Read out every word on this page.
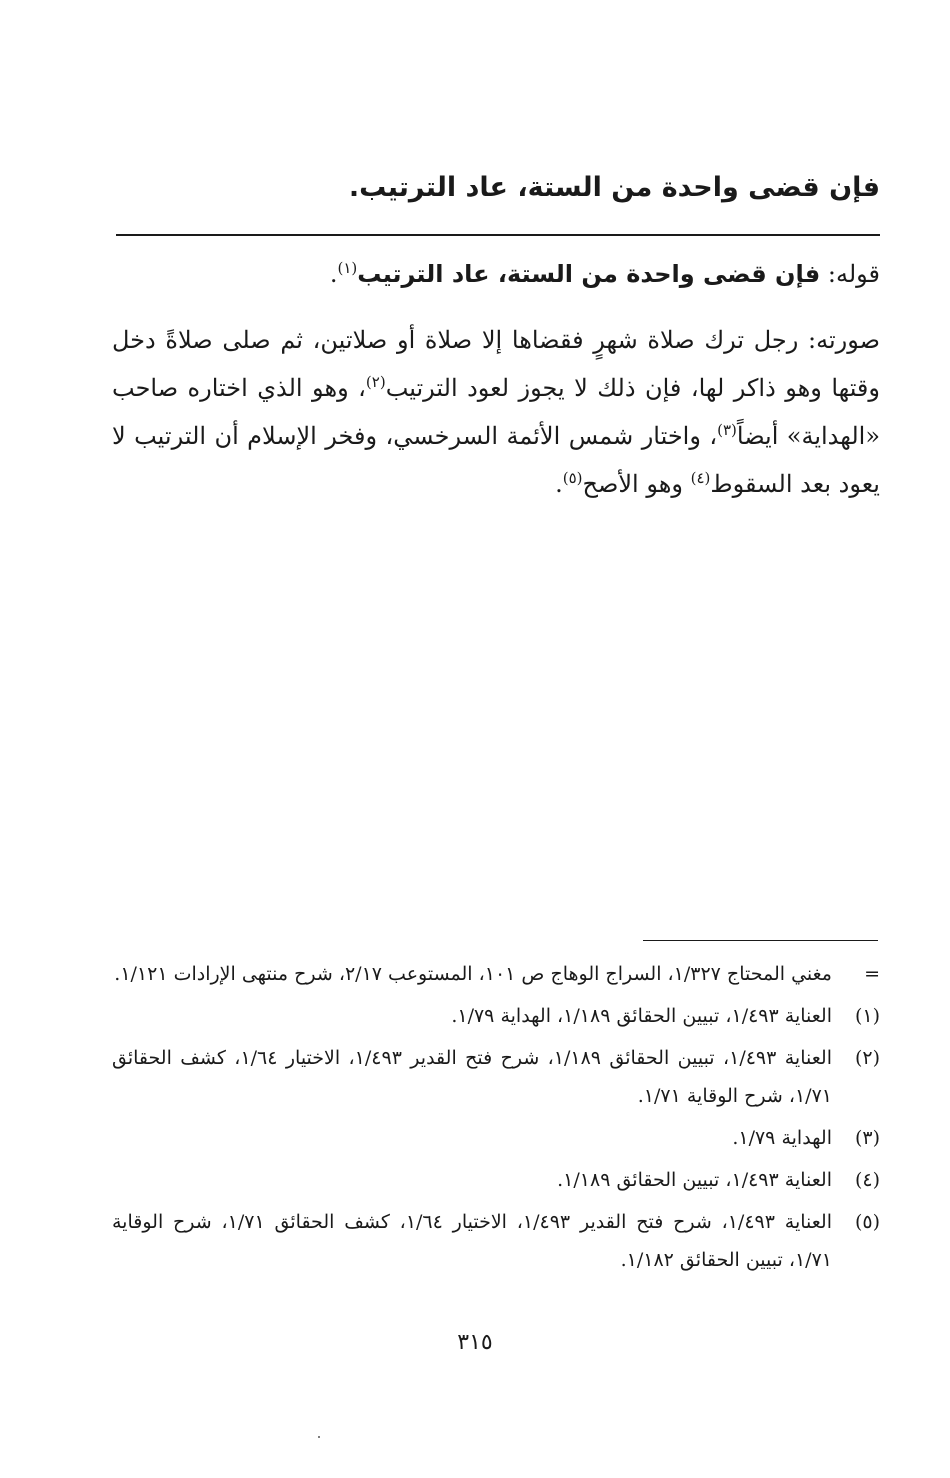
فإن قضى واحدة من الستة، عاد الترتيب.

قوله: فإن قضى واحدة من الستة، عاد الترتيب$^{(١)}$.

صورته: رجل ترك صلاة شهرٍ فقضاها إلا صلاة أو صلاتين، ثم صلى صلاةً دخل وقتها وهو ذاكر لها، فإن ذلك لا يجوز لعود الترتيب$^{(٢)}$، وهو الذي اختاره صاحب «الهداية» أيضاً$^{(٣)}$، واختار شمس الأئمة السرخسي، وفخر الإسلام أن الترتيب لا يعود بعد السقوط$^{(٤)}$ وهو الأصح$^{(٥)}$.

=
مغني المحتاج ١/٣٢٧، السراج الوهاج ص ١٠١، المستوعب ٢/١٧، شرح منتهى الإرادات ١/١٢١.
(١)
العناية ١/٤٩٣، تبيين الحقائق ١/١٨٩، الهداية ١/٧٩.
(٢)
العناية ١/٤٩٣، تبيين الحقائق ١/١٨٩، شرح فتح القدير ١/٤٩٣، الاختيار ١/٦٤، كشف الحقائق ١/٧١، شرح الوقاية ١/٧١.
(٣)
الهداية ١/٧٩.
(٤)
العناية ١/٤٩٣، تبيين الحقائق ١/١٨٩.
(٥)
العناية ١/٤٩٣، شرح فتح القدير ١/٤٩٣، الاختيار ١/٦٤، كشف الحقائق ١/٧١، شرح الوقاية ١/٧١، تبيين الحقائق ١/١٨٢.
٣١٥
